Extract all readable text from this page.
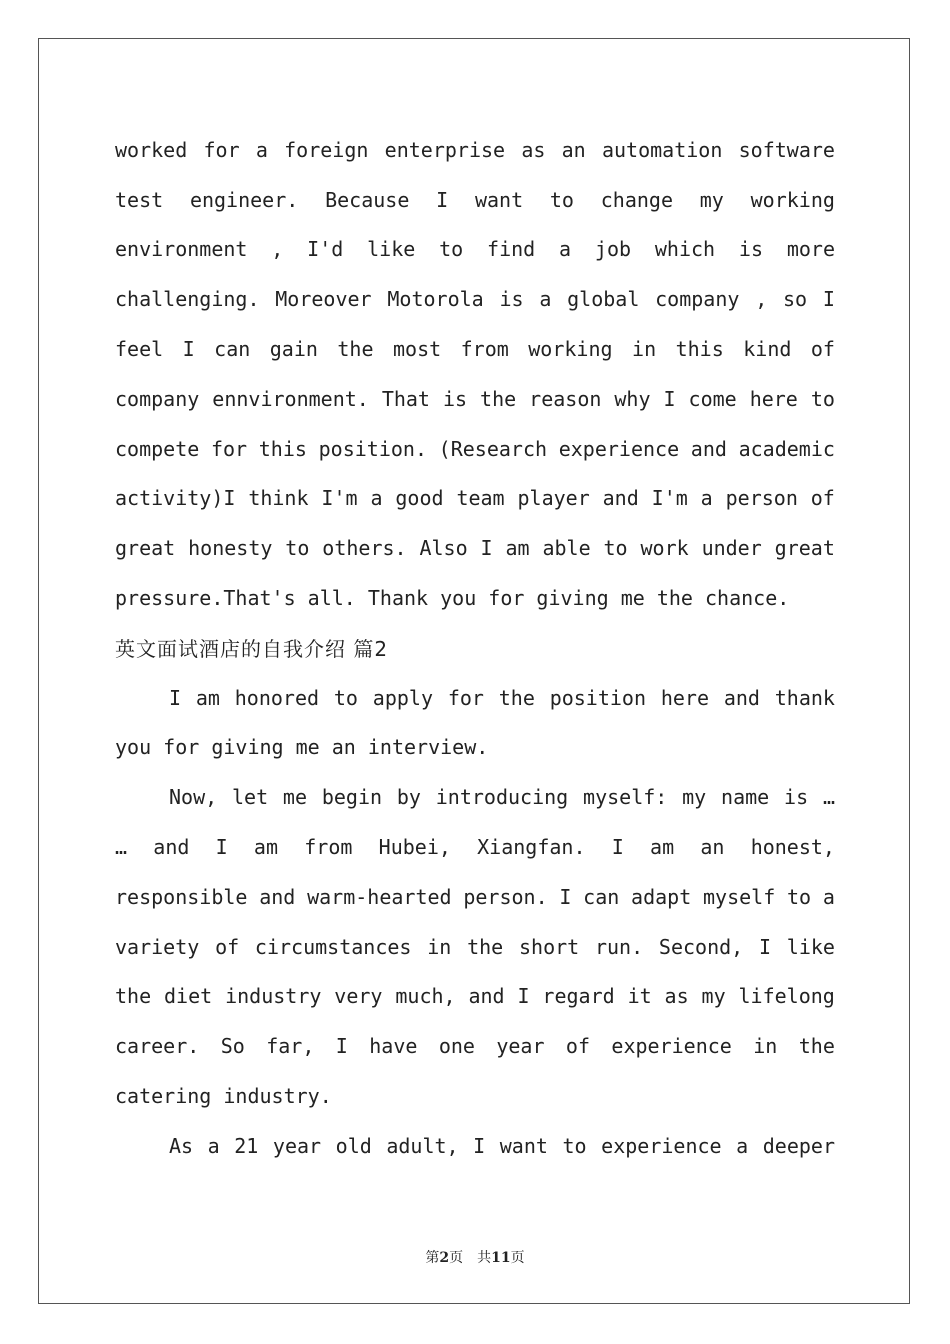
worked for a foreign enterprise as an automation software
test engineer. Because I want to change my working
environment , I'd like to find a job which is more
challenging. Moreover Motorola is a global company , so I
feel I can gain the most from working in this kind of
company ennvironment. That is the reason why I come here to
compete for this position. (Research experience and academic
activity)I think I'm a good team player and I'm a person of
great honesty to others. Also I am able to work under great
pressure.That's all. Thank you for giving me the chance.
英文面试酒店的自我介绍 篇2
I am honored to apply for the position here and thank
you for giving me an interview.
Now, let me begin by introducing myself: my name is …
… and I am from Hubei, Xiangfan. I am an honest,
responsible and warm-hearted person. I can adapt myself to a
variety of circumstances in the short run. Second, I like
the diet industry very much, and I regard it as my lifelong
career. So far, I have one year of experience in the
catering industry.
As a 21 year old adult, I want to experience a deeper
第2页 共11页
